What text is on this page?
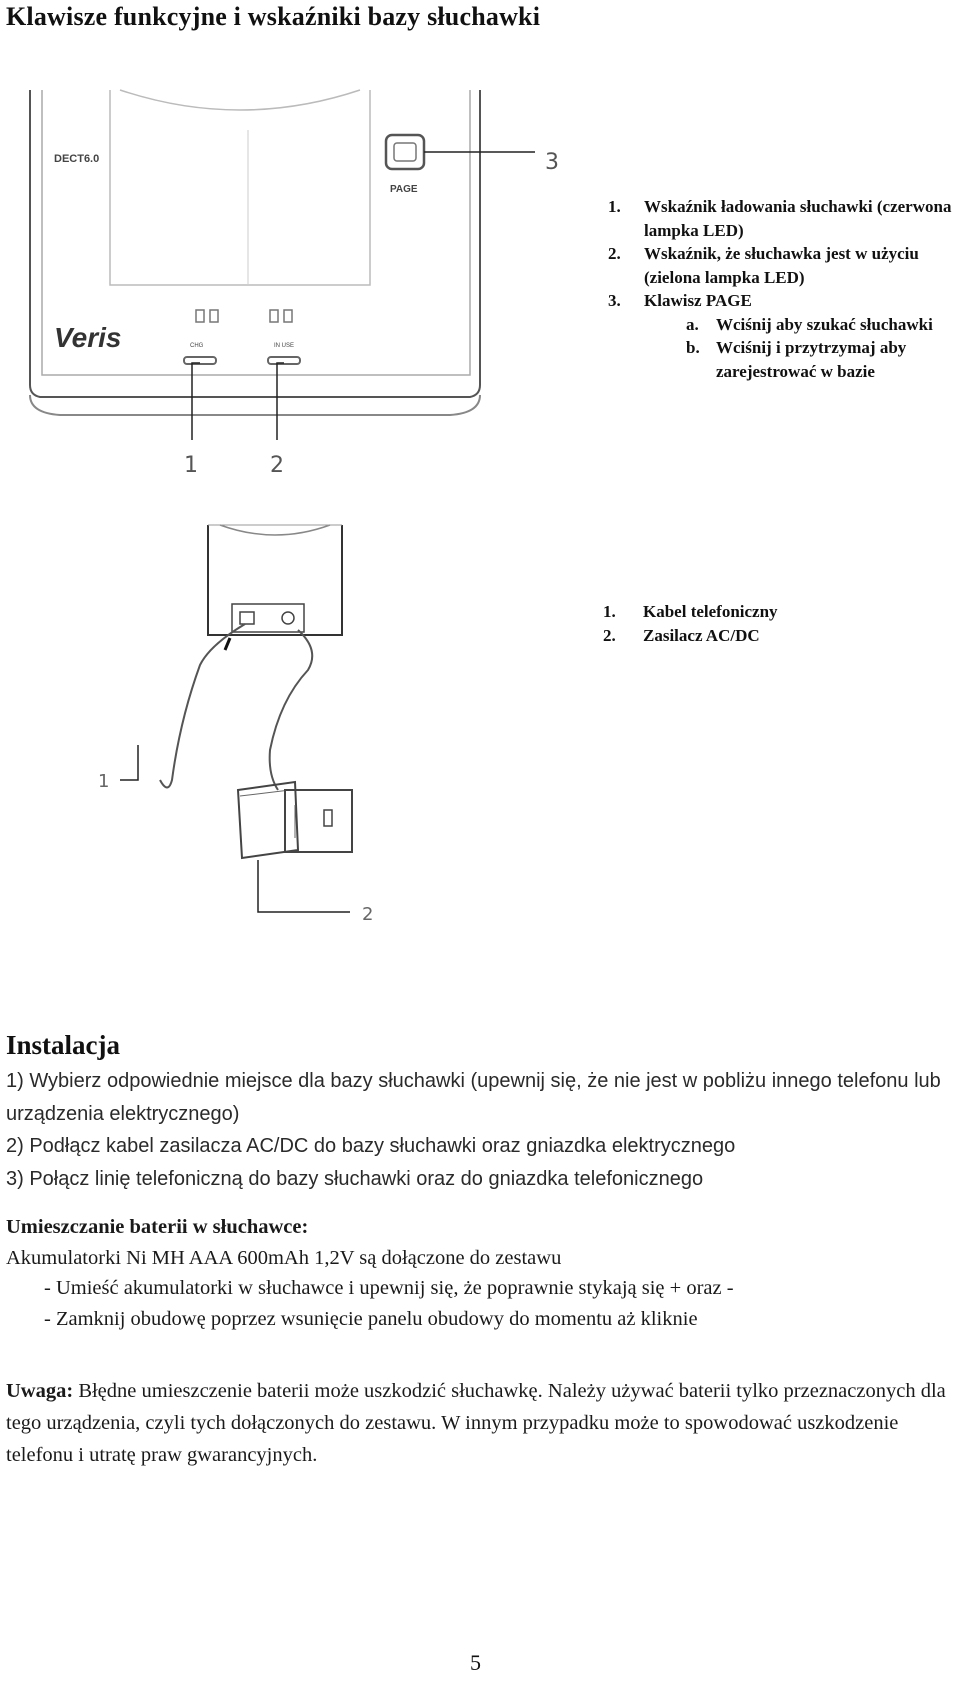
Klawisze funkcyjne i wskaźniki bazy słuchawki
DECT6.0
Veris
PAGE
CHG	IN USE
3
1	2
1.	Wskaźnik ładowania słuchawki (czerwona lampka LED)
2.	Wskaźnik, że słuchawka jest w użyciu (zielona lampka LED)
3.	Klawisz PAGE
a.	Wciśnij aby szukać słuchawki
b. Wciśnij i przytrzymaj aby zarejestrować w bazie
1
2
1.	Kabel telefoniczny
2.	Zasilacz AC/DC
Instalacja

1) Wybierz odpowiednie miejsce dla bazy słuchawki (upewnij się, że nie jest w pobliżu innego telefonu lub urządzenia elektrycznego)

2) Podłącz kabel zasilacza AC/DC do bazy słuchawki oraz gniazdka elektrycznego

3) Połącz linię telefoniczną do bazy słuchawki oraz do gniazdka telefonicznego

Umieszczanie baterii w słuchawce:

Akumulatorki Ni MH AAA 600mAh 1,2V są dołączone do zestawu

- Umieść akumulatorki w słuchawce i upewnij się, że poprawnie stykają się + oraz -

- Zamknij obudowę poprzez wsunięcie panelu obudowy do momentu aż kliknie

Uwaga: Błędne umieszczenie baterii może uszkodzić słuchawkę. Należy używać baterii tylko przeznaczonych dla tego urządzenia, czyli tych dołączonych do zestawu. W innym przypadku może to spowodować uszkodzenie telefonu i utratę praw gwarancyjnych.

5
